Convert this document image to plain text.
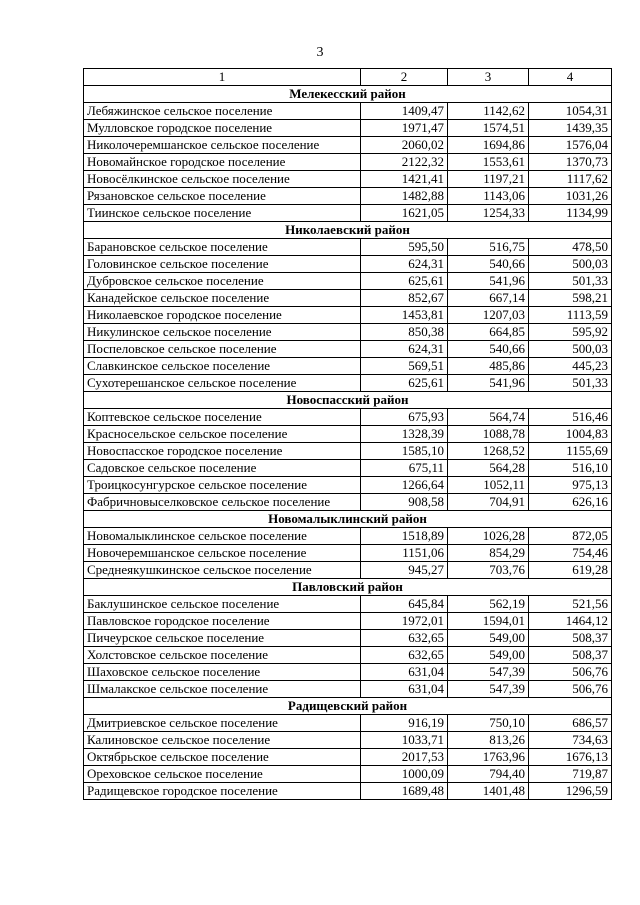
3
1	2	3	4
Мелекесский район			
Лебяжинское сельское поселение	1409,47	1142,62	1054,31
Мулловское городское поселение	1971,47	1574,51	1439,35
Николочеремшанское сельское поселение	2060,02	1694,86	1576,04
Новомайнское городское поселение	2122,32	1553,61	1370,73
Новосёлкинское сельское поселение	1421,41	1197,21	1117,62
Рязановское сельское поселение	1482,88	1143,06	1031,26
Тиинское сельское поселение	1621,05	1254,33	1134,99
Николаевский район			
Барановское сельское поселение	595,50	516,75	478,50
Головинское сельское поселение	624,31	540,66	500,03
Дубровское сельское поселение	625,61	541,96	501,33
Канадейское сельское поселение	852,67	667,14	598,21
Николаевское городское поселение	1453,81	1207,03	1113,59
Никулинское сельское поселение	850,38	664,85	595,92
Поспеловское сельское поселение	624,31	540,66	500,03
Славкинское сельское поселение	569,51	485,86	445,23
Сухотерешанское сельское поселение	625,61	541,96	501,33
Новоспасский район			
Коптевское сельское поселение	675,93	564,74	516,46
Красносельское сельское поселение	1328,39	1088,78	1004,83
Новоспасское городское поселение	1585,10	1268,52	1155,69
Садовское сельское поселение	675,11	564,28	516,10
Троицкосунгурское сельское поселение	1266,64	1052,11	975,13
Фабричновыселковское сельское поселение	908,58	704,91	626,16
Новомалыклинский район			
Новомалыклинское сельское поселение	1518,89	1026,28	872,05
Новочеремшанское сельское поселение	1151,06	854,29	754,46
Среднеякушкинское сельское поселение	945,27	703,76	619,28
Павловский район			
Баклушинское сельское поселение	645,84	562,19	521,56
Павловское городское поселение	1972,01	1594,01	1464,12
Пичеурское сельское поселение	632,65	549,00	508,37
Холстовское сельское поселение	632,65	549,00	508,37
Шаховское сельское поселение	631,04	547,39	506,76
Шмалакское сельское поселение	631,04	547,39	506,76
Радищевский район			
Дмитриевское сельское поселение	916,19	750,10	686,57
Калиновское сельское поселение	1033,71	813,26	734,63
Октябрьское сельское поселение	2017,53	1763,96	1676,13
Ореховское сельское поселение	1000,09	794,40	719,87
Радищевское городское поселение	1689,48	1401,48	1296,59
